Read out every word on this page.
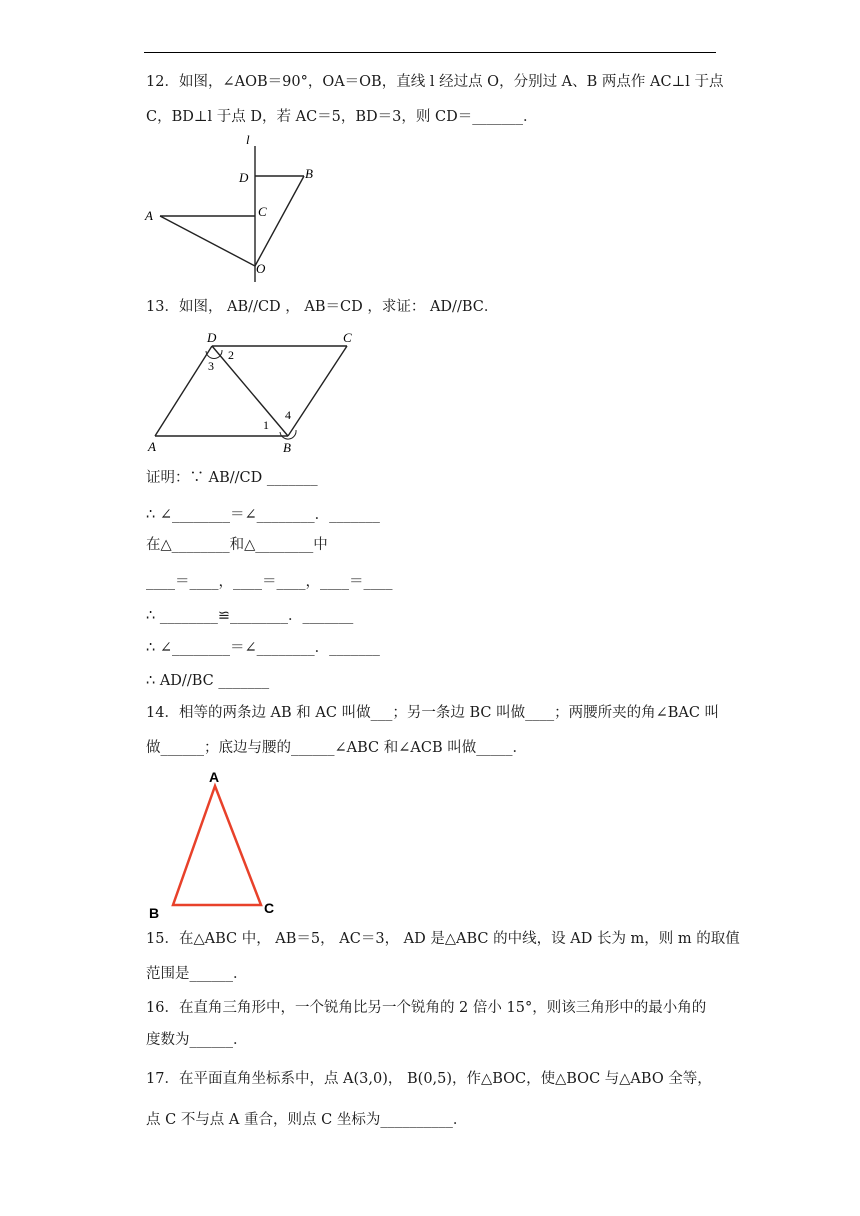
12．如图，∠AOB＝90°，OA＝OB，直线 l 经过点 O，分别过 A、B 两点作 AC⊥l 于点
C，BD⊥l 于点 D，若 AC＝5，BD＝3，则 CD＝_______．
l
D	B
A	C
O
13．如图， AB//CD ， AB＝CD ，求证： AD//BC．
D	C
A	B
2
3
1
4
证明：∵ AB//CD _______
∴ ∠________＝∠________．_______
在△________和△________中
____＝____，____＝____，____＝____
∴ ________≌________．_______
∴ ∠________＝∠________．_______
∴ AD//BC _______
14．相等的两条边 AB 和 AC 叫做___；另一条边 BC 叫做____；两腰所夹的角∠BAC 叫
做______；底边与腰的______∠ABC 和∠ACB 叫做_____．
A
B	C
15．在△ABC 中， AB＝5， AC＝3， AD 是△ABC 的中线，设 AD 长为 m，则 m 的取值
范围是______．
16．在直角三角形中，一个锐角比另一个锐角的 2 倍小 15°，则该三角形中的最小角的
度数为______．
17．在平面直角坐标系中，点 A(3,0)， B(0,5)，作△BOC，使△BOC 与△ABO 全等，
点 C 不与点 A 重合，则点 C 坐标为__________．
